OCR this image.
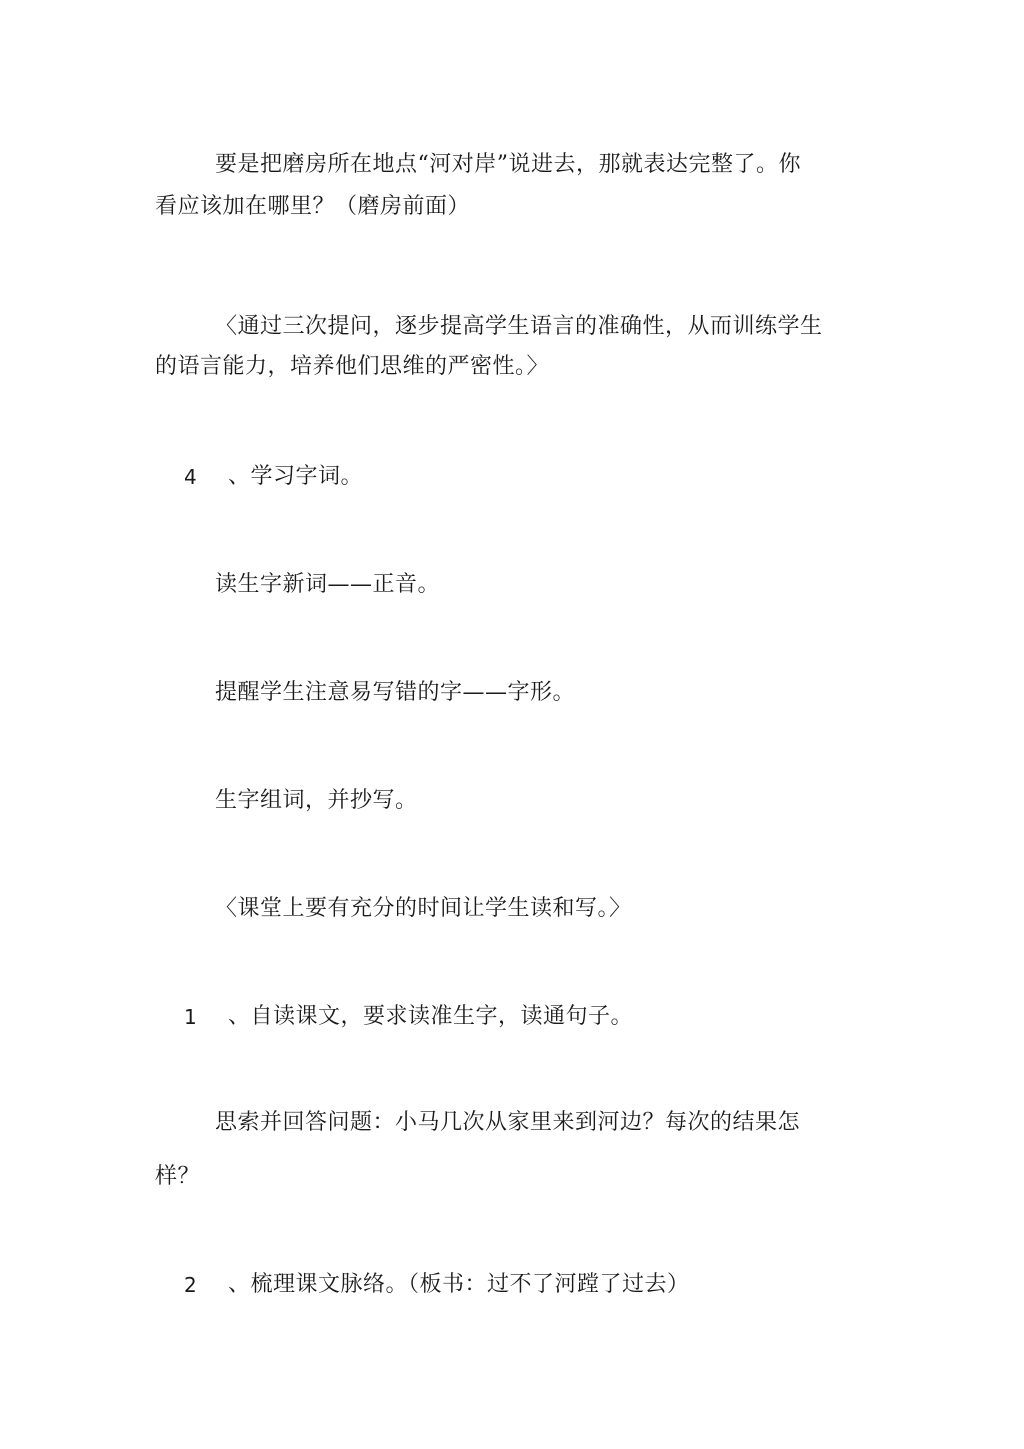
要是把磨房所在地点“河对岸”说进去，那就表达完整了。你
看应该加在哪里？（磨房前面）
〈通过三次提问，逐步提高学生语言的准确性，从而训练学生
的语言能力，培养他们思维的严密性。〉
4 、学习字词。
读生字新词——正音。
提醒学生注意易写错的字——字形。
生字组词，并抄写。
〈课堂上要有充分的时间让学生读和写。〉
1 、自读课文，要求读准生字，读通句子。
思索并回答问题：小马几次从家里来到河边？每次的结果怎
样？
2 、梳理课文脉络。（板书：过不了河蹚了过去）
